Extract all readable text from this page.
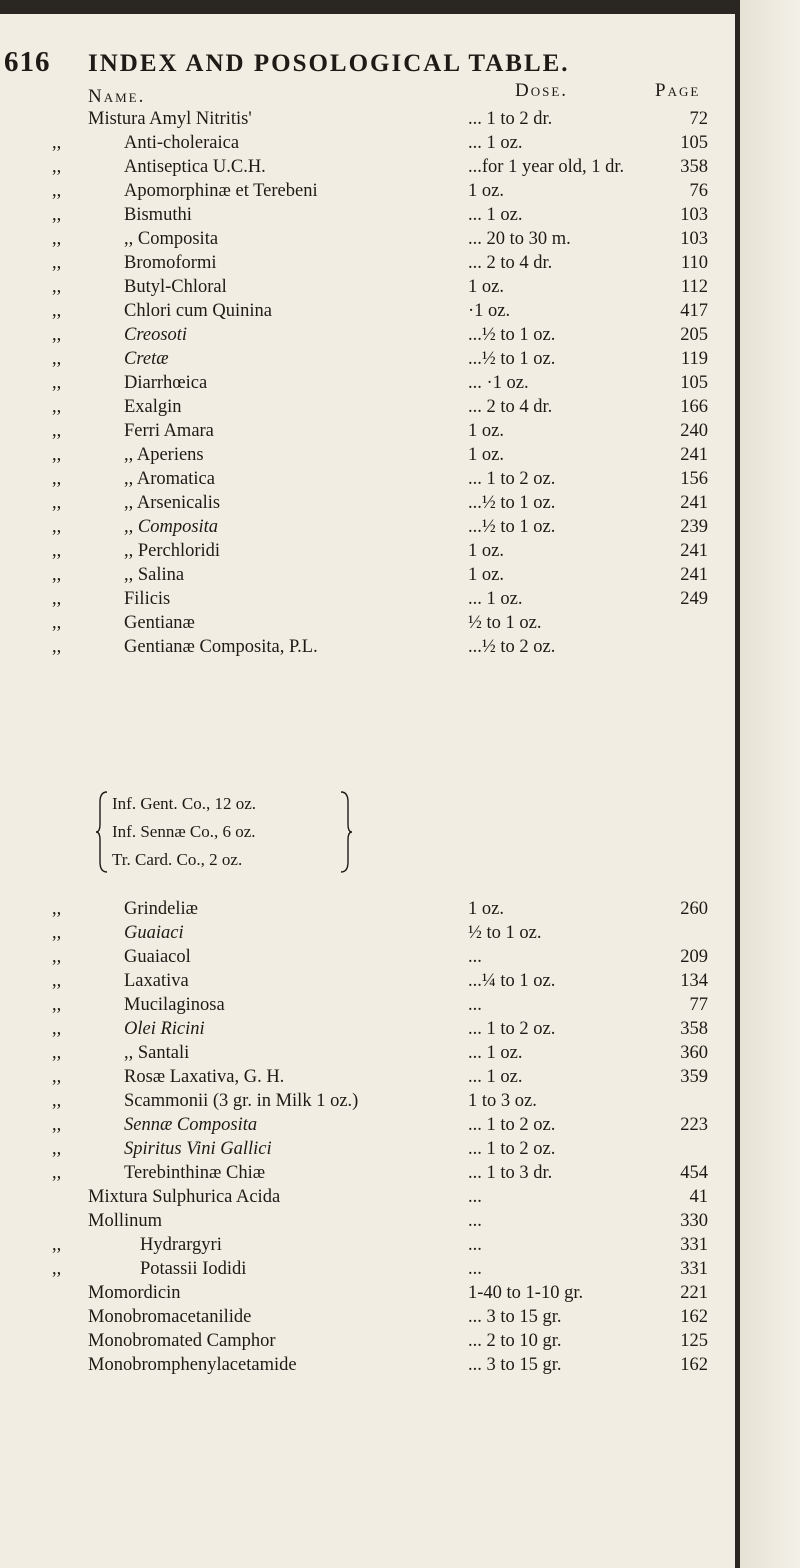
616 INDEX AND POSOLOGICAL TABLE.
Name.	Dose.	Page
Mistura Amyl Nitritis'	... 1 to 2 dr.	72
,,	Anti-choleraica	... 1 oz.	105
,,	Antiseptica U.C.H.	...for 1 year old, 1 dr.	358
,,	Apomorphinæ et Terebeni	1 oz.	76
,,	Bismuthi	... 1 oz.	103
,,	,, Composita	... 20 to 30 m.	103
,,	Bromoformi	... 2 to 4 dr.	110
,,	Butyl-Chloral	1 oz.	112
,,	Chlori cum Quinina	·1 oz.	417
,,	Creosoti	...½ to 1 oz.	205
,,	Cretæ	...½ to 1 oz.	119
,,	Diarrhœica	... ·1 oz.	105
,,	Exalgin	... 2 to 4 dr.	166
,,	Ferri Amara	1 oz.	240
,,	,, Aperiens	1 oz.	241
,,	,, Aromatica	... 1 to 2 oz.	156
,,	,, Arsenicalis	...½ to 1 oz.	241
,,	,, Composita	...½ to 1 oz.	239
,,	,, Perchloridi	1 oz.	241
,,	,, Salina	1 oz.	241
,,	Filicis	... 1 oz.	249
,,	Gentianæ	½ to 1 oz.
,,	Gentianæ Composita, P.L.	...½ to 2 oz.
,,	Grindeliæ	1 oz.	260
,,	Guaiaci	½ to 1 oz.
,,	Guaiacol	...	209
,,	Laxativa	...¼ to 1 oz.	134
,,	Mucilaginosa	...	77
,,	Olei Ricini	... 1 to 2 oz.	358
,,	,, Santali	... 1 oz.	360
,,	Rosæ Laxativa, G. H.	... 1 oz.	359
,,	Scammonii (3 gr. in Milk 1 oz.)	1 to 3 oz.
,,	Sennæ Composita	... 1 to 2 oz.	223
,,	Spiritus Vini Gallici	... 1 to 2 oz.
,,	Terebinthinæ Chiæ	... 1 to 3 dr.	454
Mixtura Sulphurica Acida	...	41
Mollinum	...	330
,,	Hydrargyri	...	331
,,	Potassii Iodidi	...	331
Momordicin	1-40 to 1-10 gr.	221
Monobromacetanilide	... 3 to 15 gr.	162
Monobromated Camphor	... 2 to 10 gr.	125
Monobromphenylacetamide	... 3 to 15 gr.	162
Inf. Gent. Co., 12 oz.
Inf. Sennæ Co., 6 oz.
Tr. Card. Co., 2 oz.
